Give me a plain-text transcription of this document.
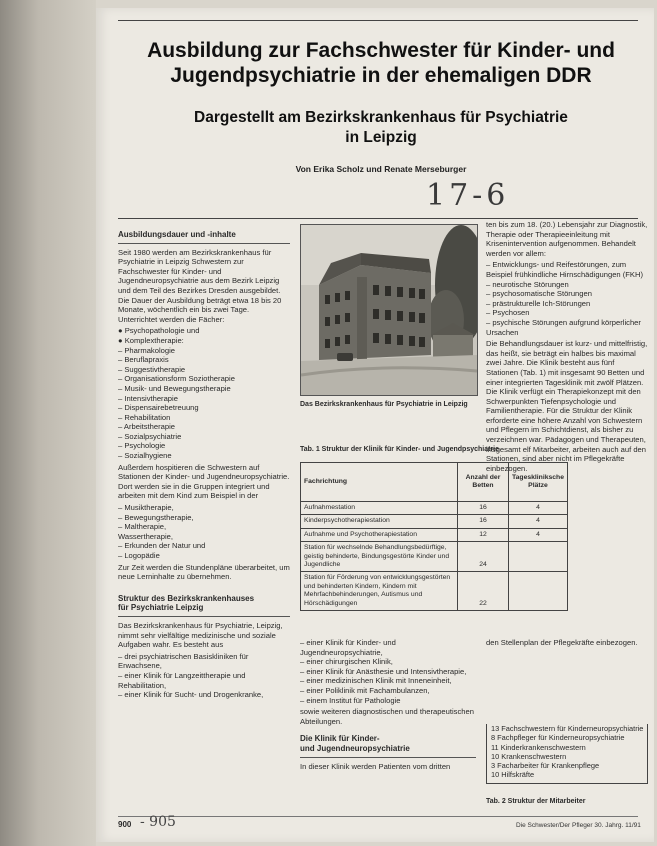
Ausbildung zur Fachschwester für Kinder- und
Jugendpsychiatrie in der ehemaligen DDR
Dargestellt am Bezirkskrankenhaus für Psychiatrie
in Leipzig
Von Erika Scholz und Renate Merseburger
17-6

Ausbildungsdauer und -inhalte

Seit 1980 werden am Bezirkskrankenhaus für Psychiatrie in Leipzig Schwestern zur Fachschwester für Kinder- und Jugendneuropsychiatrie aus dem Bezirk Leipzig und dem Teil des Bezirkes Dresden ausgebildet. Die Dauer der Ausbildung beträgt etwa 18 bis 20 Monate, wöchentlich ein bis zwei Tage. Unterrichtet werden die Fächer:

● Psychopathologie und
● Komplextherapie:
– Pharmakologie
– Beruflapraxis
– Suggestivtherapie
– Organisationsform Soziotherapie
– Musik- und Bewegungstherapie
– Intensivtherapie
– Dispensairebetreuung
– Rehabilitation
– Arbeitstherapie
– Sozialpsychiatrie
– Psychologie
– Sozialhygiene

Außerdem hospitieren die Schwestern auf Stationen der Kinder- und Jugendneuropsychiatrie. Dort werden sie in die Gruppen integriert und arbeiten mit dem Kind zum Beispiel in der

– Musiktherapie,
– Bewegungstherapie,
– Maltherapie,
Wassertherapie,
– Erkunden der Natur und
– Logopädie

Zur Zeit werden die Stundenpläne überarbeitet, um neue Lerninhalte zu übernehmen.

Struktur des Bezirkskrankenhauses
für Psychiatrie Leipzig

Das Bezirkskrankenhaus für Psychiatrie, Leipzig, nimmt sehr vielfältige medizinische und soziale Aufgaben wahr. Es besteht aus

– drei psychiatrischen Basiskliniken für Erwachsene,
– einer Klinik für Langzeittherapie und Rehabilitation,
– einer Klinik für Sucht- und Drogenkranke,
Das Bezirkskrankenhaus für Psychiatrie in Leipzig
Tab. 1 Struktur der Klinik für Kinder- und Jugendpsychiatrie
Fachrichtung	Anzahl der Betten	Tageskliniksche Plätze
Aufnahmestation	16	4
Kinderpsychotherapiestation	16	4
Aufnahme und Psychotherapiestation	12	4
Station für wechselnde Behandlungsbedürftige, geistig behinderte, Bindungsgestörte Kinder und Jugendliche	24	
Station für Förderung von entwicklungsgestörten und behinderten Kindern, Kindern mit Mehrfachbehinderungen, Autismus und Hörschädigungen	22	

ten bis zum 18. (20.) Lebensjahr zur Diagnostik, Therapie oder Therapieeinleitung mit Krisenintervention aufgenommen. Behandelt werden vor allem:

– Entwicklungs- und Reifestörungen, zum Beispiel frühkindliche Hirnschädigungen (FKH)
– neurotische Störungen
– psychosomatische Störungen
– prästrukturelle Ich-Störungen
– Psychosen
– psychische Störungen aufgrund körperlicher Ursachen

Die Behandlungsdauer ist kurz- und mittelfristig, das heißt, sie beträgt ein halbes bis maximal zwei Jahre. Die Klinik besteht aus fünf Stationen (Tab. 1) mit insgesamt 90 Betten und einer integrierten Tagesklinik mit zwölf Plätzen. Die Klinik verfügt ein Therapiekonzept mit den Schwerpunkten Tiefenpsychologie und Familientherapie. Für die Struktur der Klinik erforderte eine höhere Anzahl von Schwestern und Pflegern im Schichtdienst, als bisher zu verzeichnen war. Pädagogen und Therapeuten, insgesamt elf Mitarbeiter, arbeiten auch auf den Stationen, sind aber nicht im Pflegekräfte einbezogen.

– einer Klinik für Kinder- und Jugendneuropsychiatrie,
– einer chirurgischen Klinik,
– einer Klinik für Anästhesie und Intensivtherapie,
– einer medizinischen Klinik mit Inneneinheit,
– einer Poliklinik mit Fachambulanzen,
– einem Institut für Pathologie

sowie weiteren diagnostischen und therapeutischen Abteilungen.

Die Klinik für Kinder-
und Jugendneuropsychiatrie

In dieser Klinik werden Patienten vom dritten

den Stellenplan der Pflegekräfte einbezogen.

13 Fachschwestern für Kinderneuropsychiatrie
8 Fachpfleger für Kinderneuropsychiatrie
11 Kinderkrankenschwestern
10 Krankenschwestern
3 Facharbeiter für Krankenpflege
10 Hilfskräfte
Tab. 2 Struktur der Mitarbeiter
900 - 905	Die Schwester/Der Pfleger 30. Jahrg. 11/91
